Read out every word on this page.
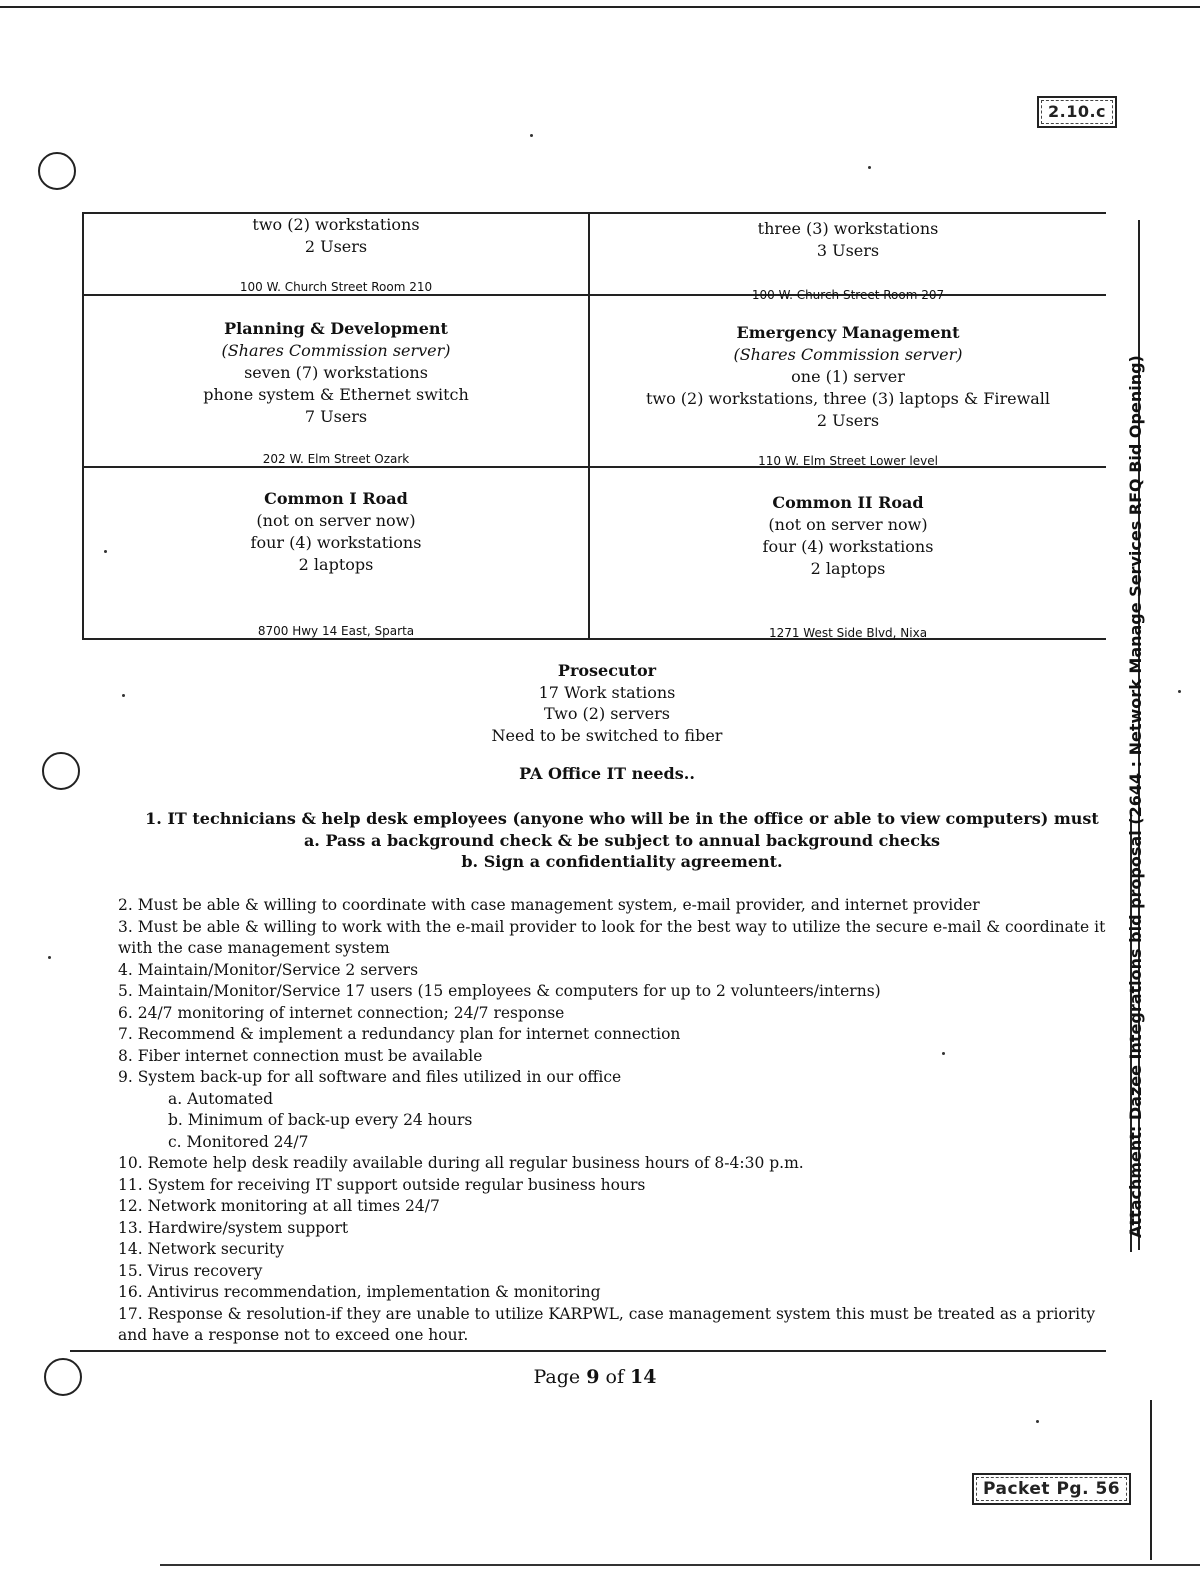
2.10.c
Attachment: Dazee Integrations bid proposal (2644 : Network Manage Services RFQ Bid Opening)
two (2) workstations
2 Users
100 W. Church Street Room 210
three (3) workstations
3 Users
100 W. Church Street Room 207
Planning & Development
(Shares Commission server)
seven (7) workstations
phone system & Ethernet switch
7 Users
202 W. Elm Street Ozark
Emergency Management
(Shares Commission server)
one (1) server
two (2) workstations, three (3) laptops & Firewall
2 Users
110 W. Elm Street Lower level
Common I Road
(not on server now)
four (4) workstations
2 laptops
8700 Hwy 14 East, Sparta
Common II Road
(not on server now)
four (4) workstations
2 laptops
1271 West Side Blvd, Nixa
Prosecutor
17 Work stations
Two (2) servers
Need to be switched to fiber
PA Office IT needs..
1. IT technicians & help desk employees (anyone who will be in the office or able to view computers) must
a. Pass a background check & be subject to annual background checks
b. Sign a confidentiality agreement.
2. Must be able & willing to coordinate with case management system, e-mail provider, and internet provider
3. Must be able & willing to work with the e-mail provider to look for the best way to utilize the secure e-mail & coordinate it with the case management system
4. Maintain/Monitor/Service 2 servers
5. Maintain/Monitor/Service 17 users (15 employees & computers for up to 2 volunteers/interns)
6. 24/7 monitoring of internet connection; 24/7 response
7. Recommend & implement a redundancy plan for internet connection
8. Fiber internet connection must be available
9. System back-up for all software and files utilized in our office
a. Automated
b. Minimum of back-up every 24 hours
c. Monitored 24/7
10. Remote help desk readily available during all regular business hours of 8-4:30 p.m.
11. System for receiving IT support outside regular business hours
12. Network monitoring at all times 24/7
13. Hardwire/system support
14. Network security
15. Virus recovery
16. Antivirus recommendation, implementation & monitoring
17. Response & resolution-if they are unable to utilize KARPWL, case management system this must be treated as a priority and have a response not to exceed one hour.
Page 9 of 14
Packet Pg. 56
